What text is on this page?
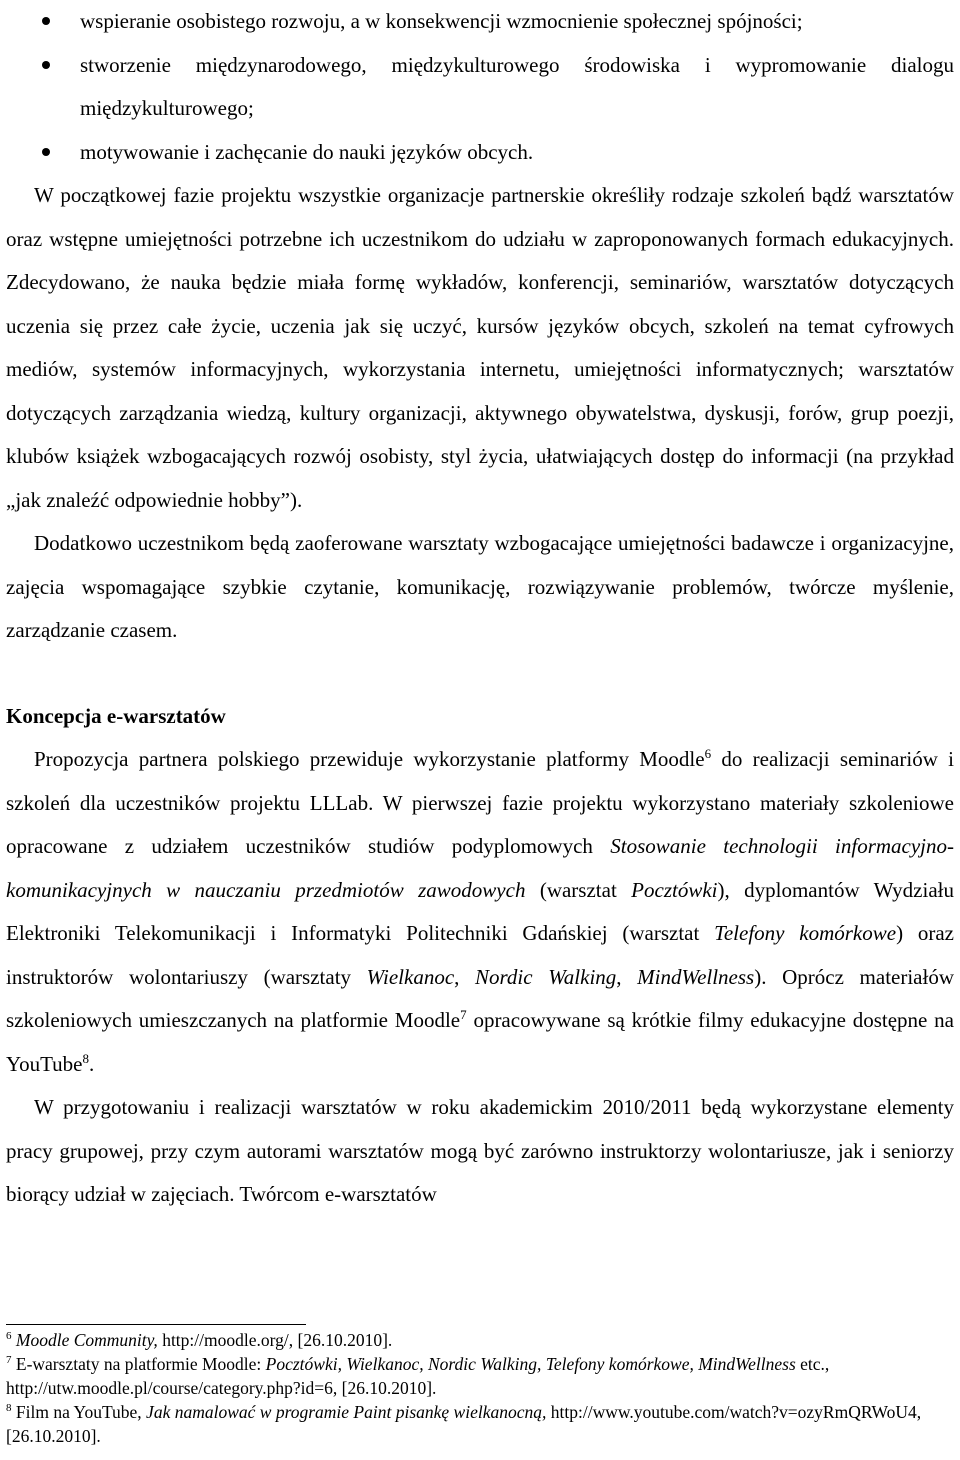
wspieranie osobistego rozwoju, a w konsekwencji wzmocnienie społecznej spójności;
stworzenie międzynarodowego, międzykulturowego środowiska i wypromowanie dialogu międzykulturowego;
motywowanie i zachęcanie do nauki języków obcych.

W początkowej fazie projektu wszystkie organizacje partnerskie określiły rodzaje szkoleń bądź warsztatów oraz wstępne umiejętności potrzebne ich uczestnikom do udziału w zaproponowanych formach edukacyjnych. Zdecydowano, że nauka będzie miała formę wykładów, konferencji, seminariów, warsztatów dotyczących uczenia się przez całe życie, uczenia jak się uczyć, kursów języków obcych, szkoleń na temat cyfrowych mediów, systemów informacyjnych, wykorzystania internetu, umiejętności informatycznych; warsztatów dotyczących zarządzania wiedzą, kultury organizacji, aktywnego obywatelstwa, dyskusji, forów, grup poezji, klubów książek wzbogacających rozwój osobisty, styl życia, ułatwiających dostęp do informacji (na przykład „jak znaleźć odpowiednie hobby”).

Dodatkowo uczestnikom będą zaoferowane warsztaty wzbogacające umiejętności badawcze i organizacyjne, zajęcia wspomagające szybkie czytanie, komunikację, rozwiązywanie problemów, twórcze myślenie, zarządzanie czasem.

Koncepcja e-warsztatów

Propozycja partnera polskiego przewiduje wykorzystanie platformy Moodle$^6$ do realizacji seminariów i szkoleń dla uczestników projektu LLLab. W pierwszej fazie projektu wykorzystano materiały szkoleniowe opracowane z udziałem uczestników studiów podyplomowych Stosowanie technologii informacyjno-komunikacyjnych w nauczaniu przedmiotów zawodowych (warsztat Pocztówki), dyplomantów Wydziału Elektroniki Telekomunikacji i Informatyki Politechniki Gdańskiej (warsztat Telefony komórkowe) oraz instruktorów wolontariuszy (warsztaty Wielkanoc, Nordic Walking, MindWellness). Oprócz materiałów szkoleniowych umieszczanych na platformie Moodle$^7$ opracowywane są krótkie filmy edukacyjne dostępne na YouTube$^8$.

W przygotowaniu i realizacji warsztatów w roku akademickim 2010/2011 będą wykorzystane elementy pracy grupowej, przy czym autorami warsztatów mogą być zarówno instruktorzy wolontariusze, jak i seniorzy biorący udział w zajęciach. Twórcom e-warsztatów

$^6$ Moodle Community, http://moodle.org/, [26.10.2010].
$^7$ E-warsztaty na platformie Moodle: Pocztówki, Wielkanoc, Nordic Walking, Telefony komórkowe, MindWellness etc., http://utw.moodle.pl/course/category.php?id=6, [26.10.2010].
$^8$ Film na YouTube, Jak namalować w programie Paint pisankę wielkanocną, http://www.youtube.com/watch?v=ozyRmQRWoU4, [26.10.2010].
